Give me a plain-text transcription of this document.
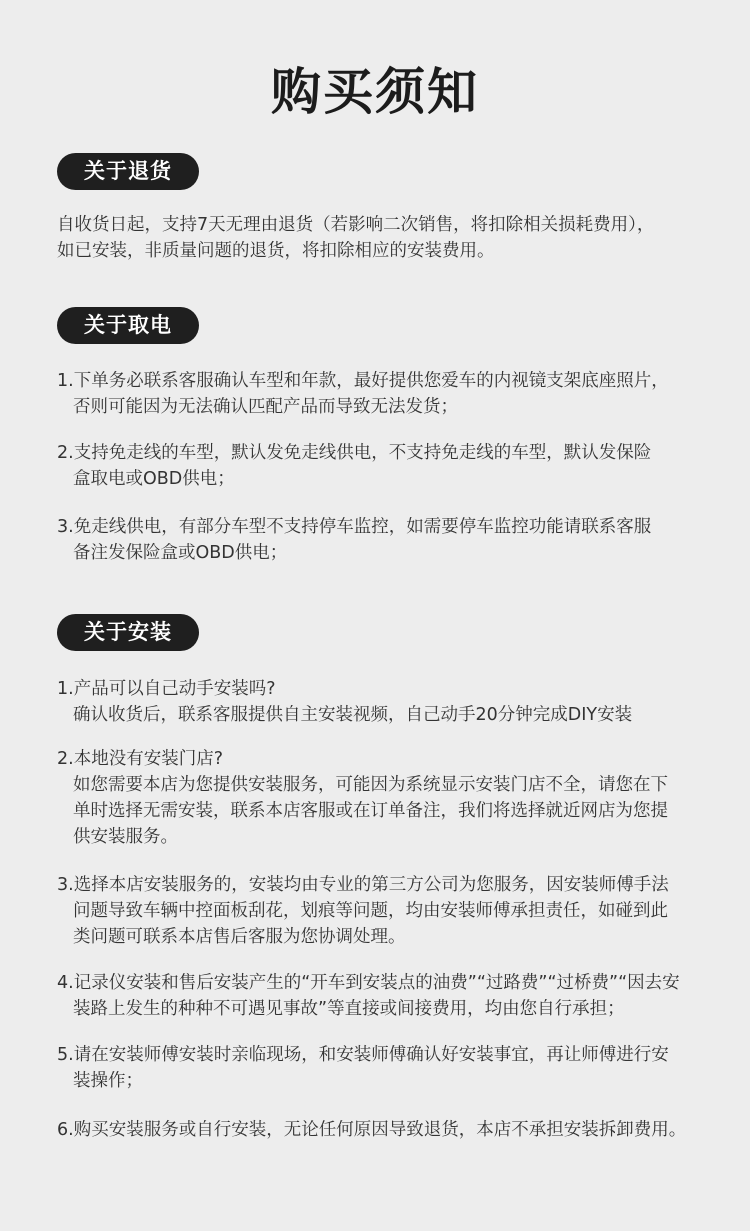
购买须知
关于退货
自收货日起，支持7天无理由退货（若影响二次销售，将扣除相关损耗费用），
如已安装，非质量问题的退货，将扣除相应的安装费用。
关于取电
1.下单务必联系客服确认车型和年款，最好提供您爱车的内视镜支架底座照片，
否则可能因为无法确认匹配产品而导致无法发货；
2.支持免走线的车型，默认发免走线供电，不支持免走线的车型，默认发保险
盒取电或OBD供电；
3.免走线供电，有部分车型不支持停车监控，如需要停车监控功能请联系客服
备注发保险盒或OBD供电；
关于安装
1.产品可以自己动手安装吗?
确认收货后，联系客服提供自主安装视频，自己动手20分钟完成DIY安装
2.本地没有安装门店?
如您需要本店为您提供安装服务，可能因为系统显示安装门店不全，请您在下
单时选择无需安装，联系本店客服或在订单备注，我们将选择就近网店为您提
供安装服务。
3.选择本店安装服务的，安装均由专业的第三方公司为您服务，因安装师傅手法
问题导致车辆中控面板刮花，划痕等问题，均由安装师傅承担责任，如碰到此
类问题可联系本店售后客服为您协调处理。
4.记录仪安装和售后安装产生的“开车到安装点的油费”“过路费”“过桥费”“因去安
装路上发生的种种不可遇见事故”等直接或间接费用，均由您自行承担；
5.请在安装师傅安装时亲临现场，和安装师傅确认好安装事宜，再让师傅进行安
装操作；
6.购买安装服务或自行安装，无论任何原因导致退货，本店不承担安装拆卸费用。
